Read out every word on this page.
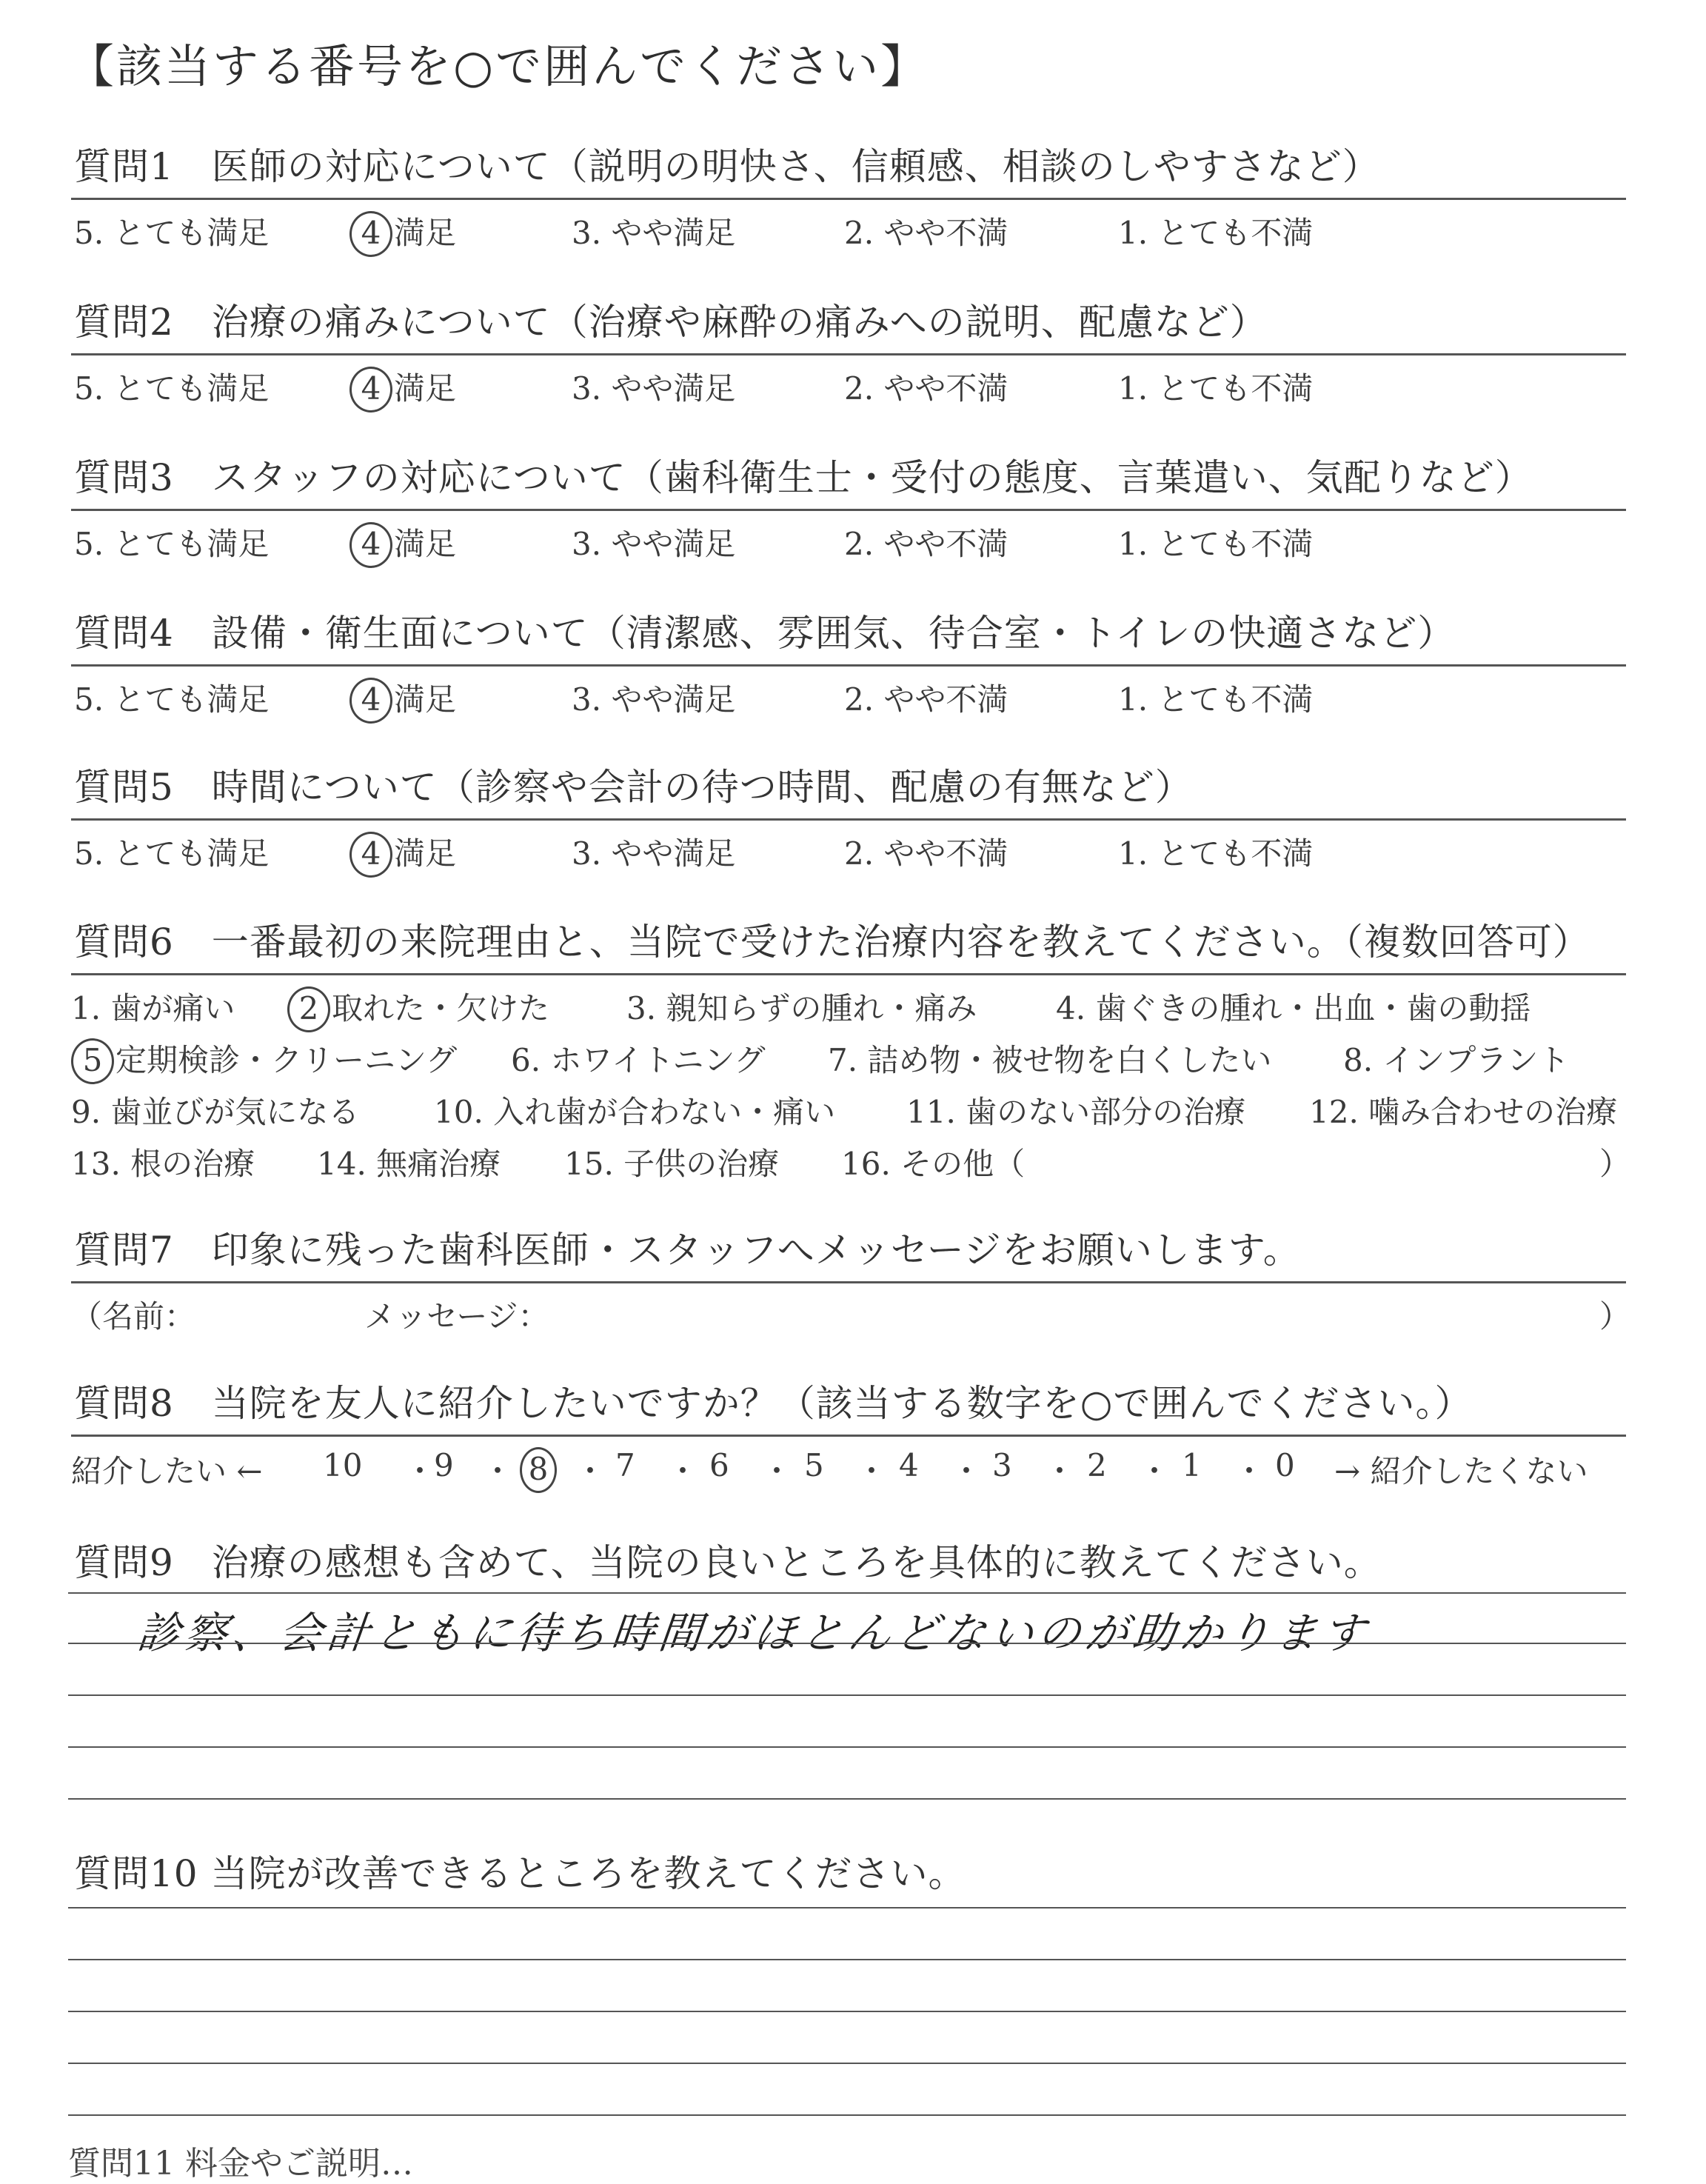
【該当する番号を○で囲んでください】
質問1　医師の対応について（説明の明快さ、信頼感、相談のしやすさなど）
5. とても満足	4 満足	3. やや満足	2. やや不満	1. とても不満
質問2　治療の痛みについて（治療や麻酔の痛みへの説明、配慮など）
5. とても満足	4 満足	3. やや満足	2. やや不満	1. とても不満
質問3　スタッフの対応について（歯科衛生士・受付の態度、言葉遣い、気配りなど）
5. とても満足	4 満足	3. やや満足	2. やや不満	1. とても不満
質問4　設備・衛生面について（清潔感、雰囲気、待合室・トイレの快適さなど）
5. とても満足	4 満足	3. やや満足	2. やや不満	1. とても不満
質問5　時間について（診察や会計の待つ時間、配慮の有無など）
5. とても満足	4 満足	3. やや満足	2. やや不満	1. とても不満
質問6　一番最初の来院理由と、当院で受けた治療内容を教えてください。（複数回答可）
1. 歯が痛い 2 取れた・欠けた 3. 親知らずの腫れ・痛み	4. 歯ぐきの腫れ・出血・歯の動揺
5 定期検診・クリーニング 6. ホワイトニング 7. 詰め物・被せ物を白くしたい 8. インプラント
9. 歯並びが気になる 10. 入れ歯が合わない・痛い 11. 歯のない部分の治療 12. 噛み合わせの治療
13. 根の治療 14. 無痛治療 15. 子供の治療 16. その他（	）
質問7　印象に残った歯科医師・スタッフへメッセージをお願いします。
（名前：	メッセージ：	）
質問8　当院を友人に紹介したいですか？（該当する数字を○で囲んでください。）
紹介したい ← 10 ・
9 ・ 8 ・ 7 ・ 6 ・ 5 ・ 4 ・ 3 ・ 2 ・ 1 ・ 0 → 紹介したくない
質問9　治療の感想も含めて、当院の良いところを具体的に教えてください。
診察、会計ともに待ち時間がほとんどないのが助かります
質問10 当院が改善できるところを教えてください。
質問11 料金やご説明…
